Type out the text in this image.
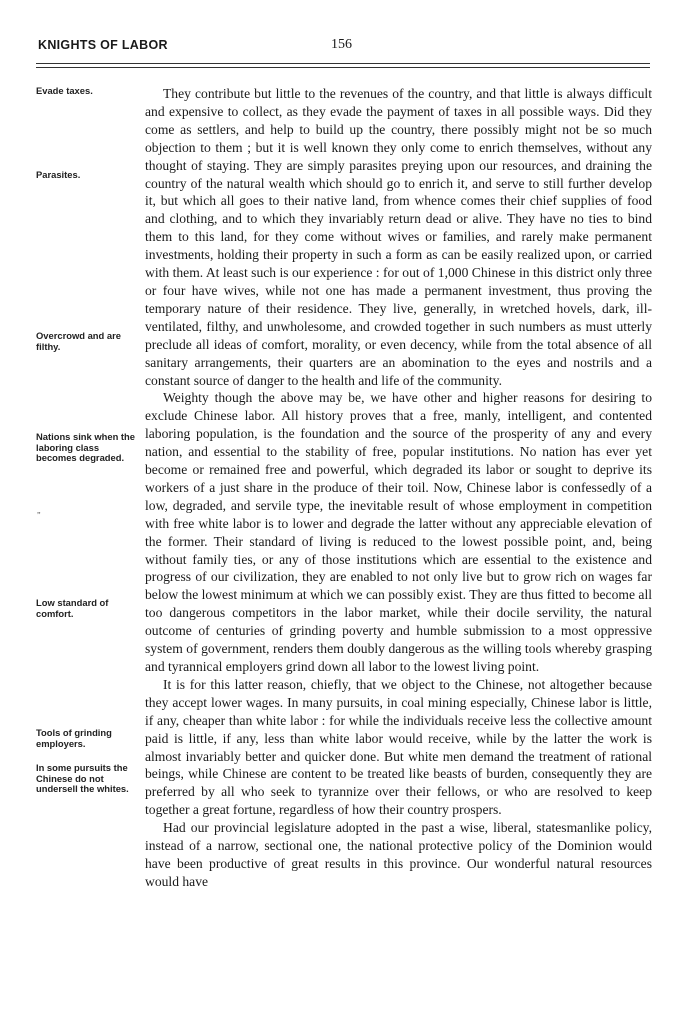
KNIGHTS OF LABOR	156
Evade taxes.
Parasites.
Overcrowd and are filthy.
Nations sink when the laboring class becomes degraded.
Low standard of comfort.
Tools of grinding employers.
In some pursuits the Chinese do not undersell the whites.
„

They contribute but little to the revenues of the country, and that little is always difficult and expensive to collect, as they evade the payment of taxes in all possible ways. Did they come as settlers, and help to build up the country, there possibly might not be so much objection to them ; but it is well known they only come to enrich themselves, without any thought of staying. They are simply parasites preying upon our resources, and draining the country of the natural wealth which should go to enrich it, and serve to still further develop it, but which all goes to their native land, from whence comes their chief supplies of food and clothing, and to which they invariably return dead or alive. They have no ties to bind them to this land, for they come without wives or families, and rarely make permanent investments, holding their property in such a form as can be easily realized upon, or carried with them. At least such is our experience : for out of 1,000 Chinese in this district only three or four have wives, while not one has made a permanent investment, thus proving the temporary nature of their residence. They live, generally, in wretched hovels, dark, ill-ventilated, filthy, and unwholesome, and crowded together in such numbers as must utterly preclude all ideas of comfort, morality, or even decency, while from the total absence of all sanitary arrangements, their quarters are an abomination to the eyes and nostrils and a constant source of danger to the health and life of the community.

Weighty though the above may be, we have other and higher reasons for desiring to exclude Chinese labor. All history proves that a free, manly, intelligent, and contented laboring population, is the foundation and the source of the prosperity of any and every nation, and essential to the stability of free, popular institutions. No nation has ever yet become or remained free and powerful, which degraded its labor or sought to deprive its workers of a just share in the produce of their toil. Now, Chinese labor is confessedly of a low, degraded, and servile type, the inevitable result of whose employment in competition with free white labor is to lower and degrade the latter without any appreciable elevation of the former. Their standard of living is reduced to the lowest possible point, and, being without family ties, or any of those institutions which are essential to the existence and progress of our civilization, they are enabled to not only live but to grow rich on wages far below the lowest minimum at which we can possibly exist. They are thus fitted to become all too dangerous competitors in the labor market, while their docile servility, the natural outcome of centuries of grinding poverty and humble submission to a most oppressive system of government, renders them doubly dangerous as the willing tools whereby grasping and tyrannical employers grind down all labor to the lowest living point.

It is for this latter reason, chiefly, that we object to the Chinese, not altogether because they accept lower wages. In many pursuits, in coal mining especially, Chinese labor is little, if any, cheaper than white labor : for while the individuals receive less the collective amount paid is little, if any, less than white labor would receive, while by the latter the work is almost invariably better and quicker done. But white men demand the treatment of rational beings, while Chinese are content to be treated like beasts of burden, consequently they are preferred by all who seek to tyrannize over their fellows, or who are resolved to keep together a great fortune, regardless of how their country prospers.

Had our provincial legislature adopted in the past a wise, liberal, statesmanlike policy, instead of a narrow, sectional one, the national protective policy of the Dominion would have been productive of great results in this province. Our wonderful natural resources would have
